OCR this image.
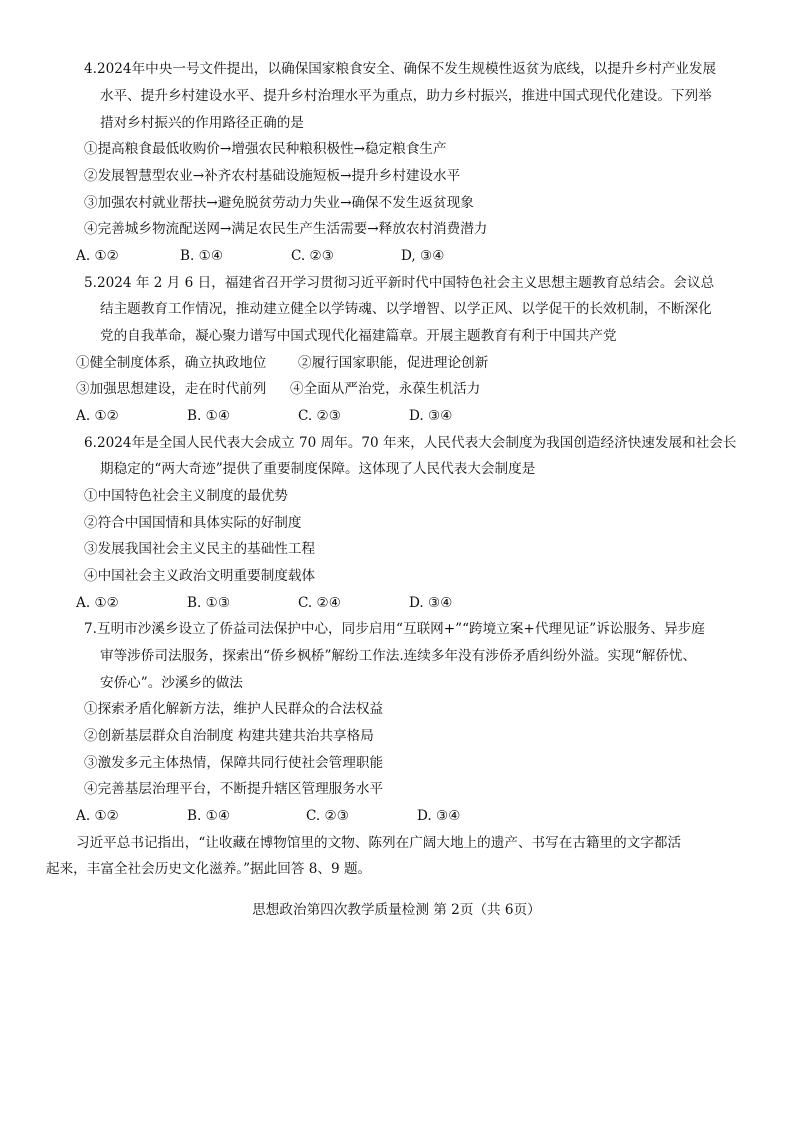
4.2024年中央一号文件提出，以确保国家粮食安全、确保不发生规模性返贫为底线，以提升乡村产业发展
水平、提升乡村建设水平、提升乡村治理水平为重点，助力乡村振兴，推进中国式现代化建设。下列举
措对乡村振兴的作用路径正确的是
①提高粮食最低收购价→增强农民种粮积极性→稳定粮食生产
②发展智慧型农业→补齐农村基础设施短板→提升乡村建设水平
③加强农村就业帮扶→避免脱贫劳动力失业→确保不发生返贫现象
④完善城乡物流配送网→满足农民生产生活需要→释放农村消费潜力
A. ①②	B. ①④	C. ②③	D, ③④
5.2024 年 2 月 6 日，福建省召开学习贯彻习近平新时代中国特色社会主义思想主题教育总结会。会议总
结主题教育工作情况，推动建立健全以学铸魂、以学增智、以学正风、以学促干的长效机制，不断深化
党的自我革命，凝心聚力谱写中国式现代化福建篇章。开展主题教育有利于中国共产党
①健全制度体系，确立执政地位 ②履行国家职能，促进理论创新
③加强思想建设，走在时代前列 ④全面从严治党，永葆生机活力
A. ①②	B. ①④	C. ②③	D. ③④
6.2024年是全国人民代表大会成立 70 周年。70 年来，人民代表大会制度为我国创造经济快速发展和社会长
期稳定的“两大奇迹”提供了重要制度保障。这体现了人民代表大会制度是
①中国特色社会主义制度的最优势
②符合中国国情和具体实际的好制度
③发展我国社会主义民主的基础性工程
④中国社会主义政治文明重要制度载体
A. ①②	B. ①③	C. ②④	D. ③④
7.互明市沙溪乡设立了侨益司法保护中心，同步启用“互联网+”“跨境立案+代理见证”诉讼服务、异步庭
审等涉侨司法服务，探索出“侨乡枫桥”解纷工作法.连续多年没有涉侨矛盾纠纷外溢。实现“解侨忧、
安侨心”。沙溪乡的做法
①探索矛盾化解新方法，维护人民群众的合法权益
②创新基层群众自治制度 构建共建共治共享格局
③激发多元主体热情，保障共同行使社会管理职能
④完善基层治理平台，不断提升辖区管理服务水平
A. ①②	B. ①④	C. ②③	D. ③④
习近平总书记指出，“让收藏在博物馆里的文物、陈列在广阔大地上的遗产、书写在古籍里的文字都活
起来，丰富全社会历史文化滋养。”据此回答 8、9 题。
思想政治第四次教学质量检测 第 2页（共 6页）
